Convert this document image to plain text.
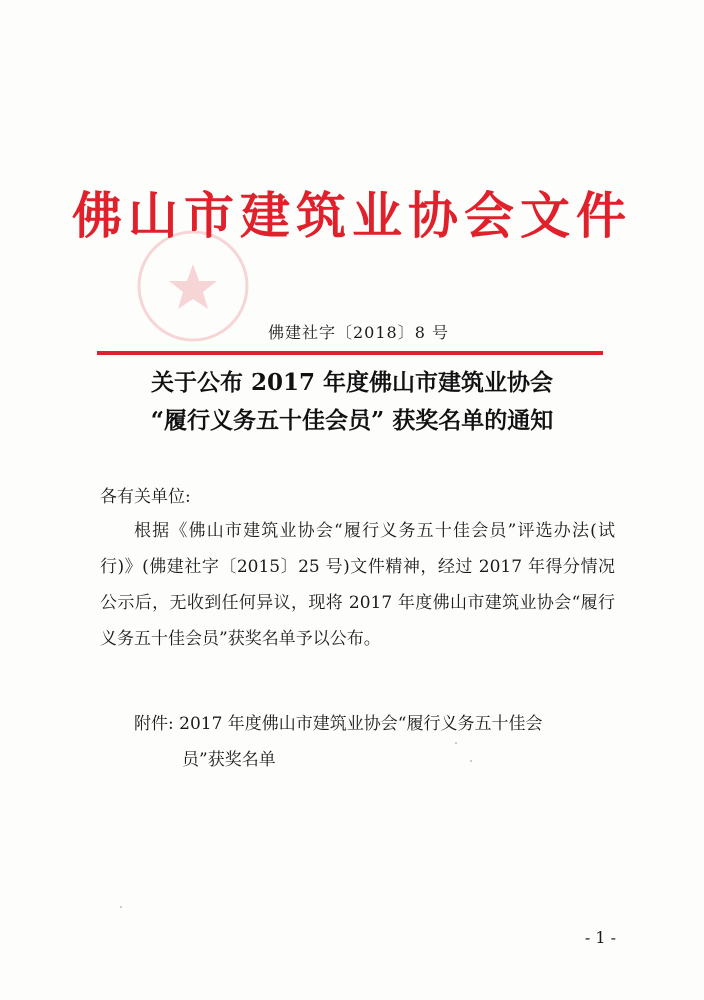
佛山市建筑业协会文件
佛建社字〔2018〕8 号
关于公布 2017 年度佛山市建筑业协会
“履行义务五十佳会员” 获奖名单的通知
各有关单位:
根据《佛山市建筑业协会“履行义务五十佳会员”评选办法(试行)》(佛建社字〔2015〕25 号)文件精神，经过 2017 年得分情况公示后，无收到任何异议，现将 2017 年度佛山市建筑业协会“履行义务五十佳会员”获奖名单予以公布。
附件: 2017 年度佛山市建筑业协会“履行义务五十佳会
员”获奖名单
- 1 -
